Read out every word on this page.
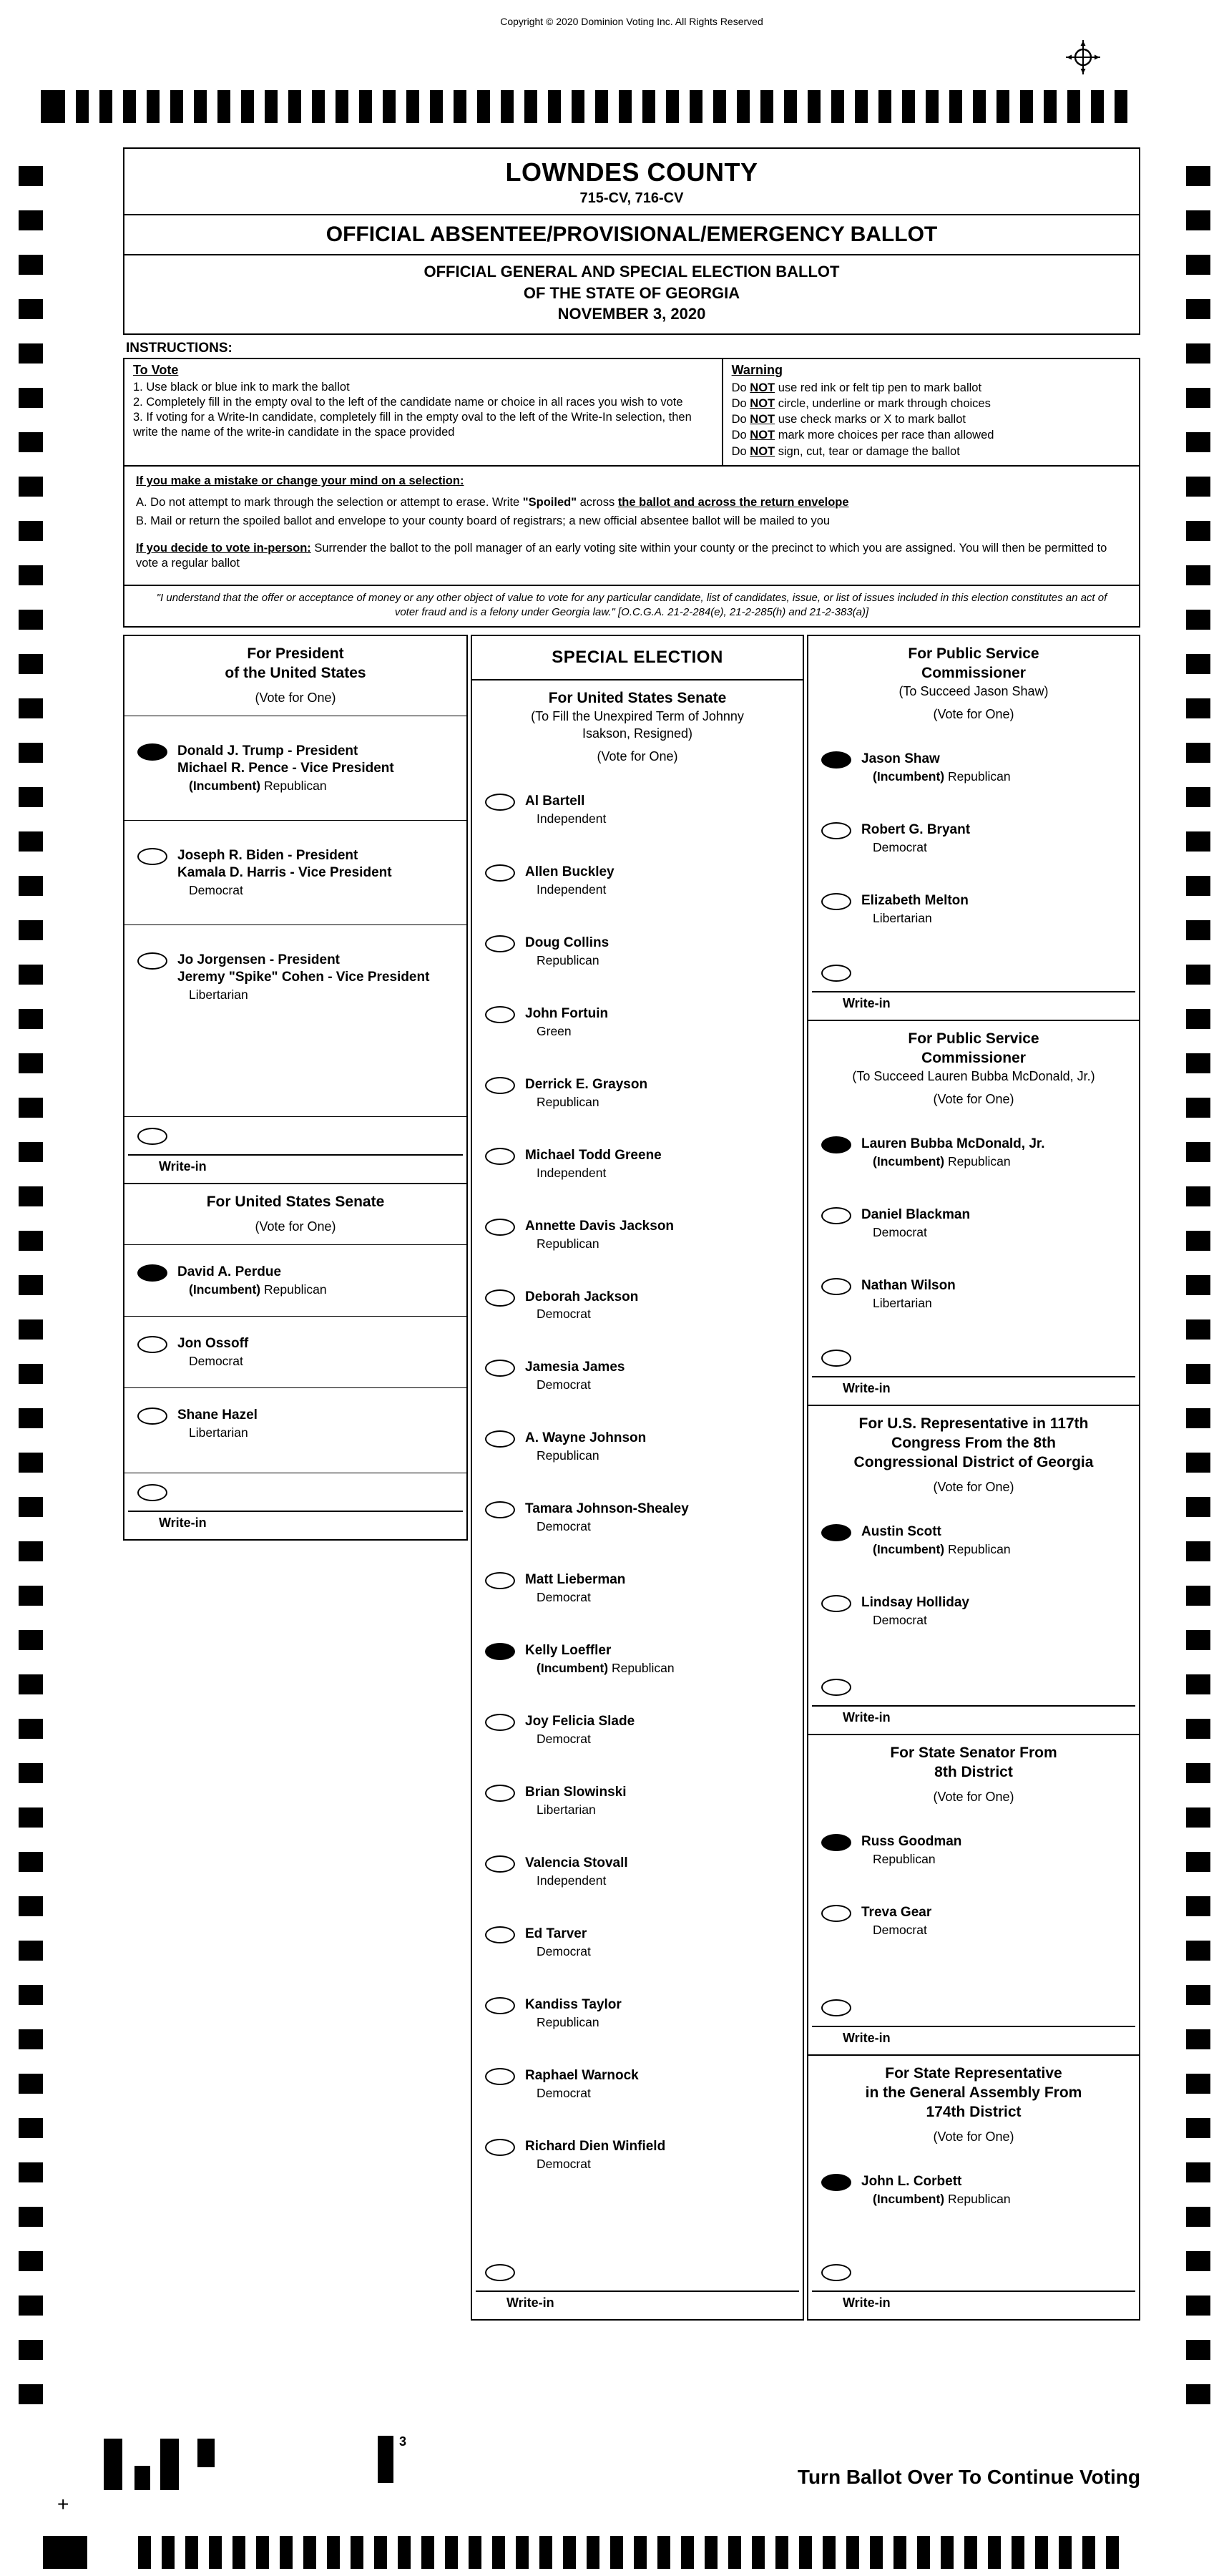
Copyright © 2020 Dominion Voting Inc. All Rights Reserved
LOWNDES COUNTY
715-CV, 716-CV
OFFICIAL ABSENTEE/PROVISIONAL/EMERGENCY BALLOT
OFFICIAL GENERAL AND SPECIAL ELECTION BALLOT
OF THE STATE OF GEORGIA
NOVEMBER 3, 2020
INSTRUCTIONS:
To Vote
1. Use black or blue ink to mark the ballot
2. Completely fill in the empty oval to the left of the candidate name or choice in all races you wish to vote
3. If voting for a Write-In candidate, completely fill in the empty oval to the left of the Write-In selection, then write the name of the write-in candidate in the space provided
Warning
Do NOT use red ink or felt tip pen to mark ballot
Do NOT circle, underline or mark through choices
Do NOT use check marks or X to mark ballot
Do NOT mark more choices per race than allowed
Do NOT sign, cut, tear or damage the ballot
If you make a mistake or change your mind on a selection:
A. Do not attempt to mark through the selection or attempt to erase. Write "Spoiled" across the ballot and across the return envelope
B. Mail or return the spoiled ballot and envelope to your county board of registrars; a new official absentee ballot will be mailed to you

If you decide to vote in-person: Surrender the ballot to the poll manager of an early voting site within your county or the precinct to which you are assigned. You will then be permitted to vote a regular ballot

"I understand that the offer or acceptance of money or any other object of value to vote for any particular candidate, list of candidates, issue, or list of issues included in this election constitutes an act of voter fraud and is a felony under Georgia law." [O.C.G.A. 21-2-284(e), 21-2-285(h) and 21-2-383(a)]
For President
of the United States
(Vote for One)
Donald J. Trump - President
Michael R. Pence - Vice President
(Incumbent) Republican
Joseph R. Biden - President
Kamala D. Harris - Vice President
Democrat
Jo Jorgensen - President
Jeremy "Spike" Cohen - Vice President
Libertarian
Write-in
For United States Senate
(Vote for One)
David A. Perdue
(Incumbent) Republican
Jon Ossoff
Democrat
Shane Hazel
Libertarian
Write-in
SPECIAL ELECTION
For United States Senate
(To Fill the Unexpired Term of Johnny
Isakson, Resigned)
(Vote for One)
Al Bartell
Independent
Allen Buckley
Independent
Doug Collins
Republican
John Fortuin
Green
Derrick E. Grayson
Republican
Michael Todd Greene
Independent
Annette Davis Jackson
Republican
Deborah Jackson
Democrat
Jamesia James
Democrat
A. Wayne Johnson
Republican
Tamara Johnson-Shealey
Democrat
Matt Lieberman
Democrat
Kelly Loeffler
(Incumbent) Republican
Joy Felicia Slade
Democrat
Brian Slowinski
Libertarian
Valencia Stovall
Independent
Ed Tarver
Democrat
Kandiss Taylor
Republican
Raphael Warnock
Democrat
Richard Dien Winfield
Democrat
Write-in
For Public Service
Commissioner
(To Succeed Jason Shaw)
(Vote for One)
Jason Shaw
(Incumbent) Republican
Robert G. Bryant
Democrat
Elizabeth Melton
Libertarian
Write-in
For Public Service
Commissioner
(To Succeed Lauren Bubba McDonald, Jr.)
(Vote for One)
Lauren Bubba McDonald, Jr.
(Incumbent) Republican
Daniel Blackman
Democrat
Nathan Wilson
Libertarian
Write-in
For U.S. Representative in 117th
Congress From the 8th
Congressional District of Georgia
(Vote for One)
Austin Scott
(Incumbent) Republican
Lindsay Holliday
Democrat
Write-in
For State Senator From
8th District
(Vote for One)
Russ Goodman
Republican
Treva Gear
Democrat
Write-in
For State Representative
in the General Assembly From
174th District
(Vote for One)
John L. Corbett
(Incumbent) Republican
Write-in
3
+
Turn Ballot Over To Continue Voting
